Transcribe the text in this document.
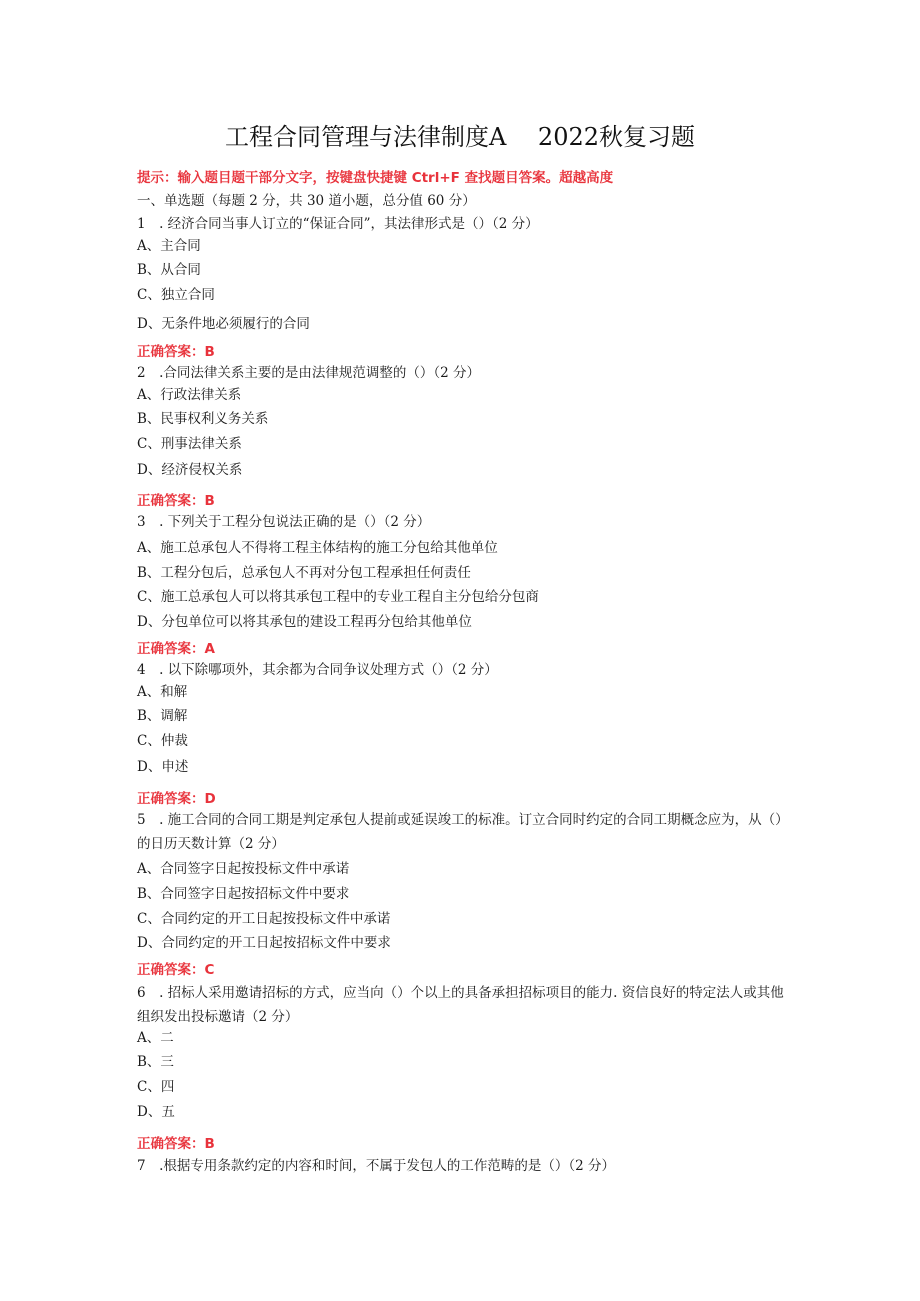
工程合同管理与法律制度A　 2022秋复习题
提示：输入题目题干部分文字，按键盘快捷键 Ctrl+F 查找题目答案。超越高度
一、单选题（每题 2 分，共 30 道小题，总分值 60 分）
1　. 经济合同当事人订立的“保证合同”，其法律形式是（）（2 分）
A、主合同
B、从合同
C、独立合同
D、无条件地必须履行的合同
正确答案：B
2　.合同法律关系主要的是由法律规范调整的（）（2 分）
A、行政法律关系
B、民事权利义务关系
C、刑事法律关系
D、经济侵权关系
正确答案：B
3　. 下列关于工程分包说法正确的是（）（2 分）
A、施工总承包人不得将工程主体结构的施工分包给其他单位
B、工程分包后，总承包人不再对分包工程承担任何责任
C、施工总承包人可以将其承包工程中的专业工程自主分包给分包商
D、分包单位可以将其承包的建设工程再分包给其他单位
正确答案：A
4　. 以下除哪项外，其余都为合同争议处理方式（）（2 分）
A、和解
B、调解
C、仲裁
D、申述
正确答案：D
5　. 施工合同的合同工期是判定承包人提前或延误竣工的标准。订立合同时约定的合同工期概念应为，从（）的日历天数计算（2 分）
A、合同签字日起按投标文件中承诺
B、合同签字日起按招标文件中要求
C、合同约定的开工日起按投标文件中承诺
D、合同约定的开工日起按招标文件中要求
正确答案：C
6　. 招标人采用邀请招标的方式，应当向（）个以上的具备承担招标项目的能力. 资信良好的特定法人或其他组织发出投标邀请（2 分）
A、二
B、三
C、四
D、五
正确答案：B
7　.根据专用条款约定的内容和时间，不属于发包人的工作范畴的是（）（2 分）
